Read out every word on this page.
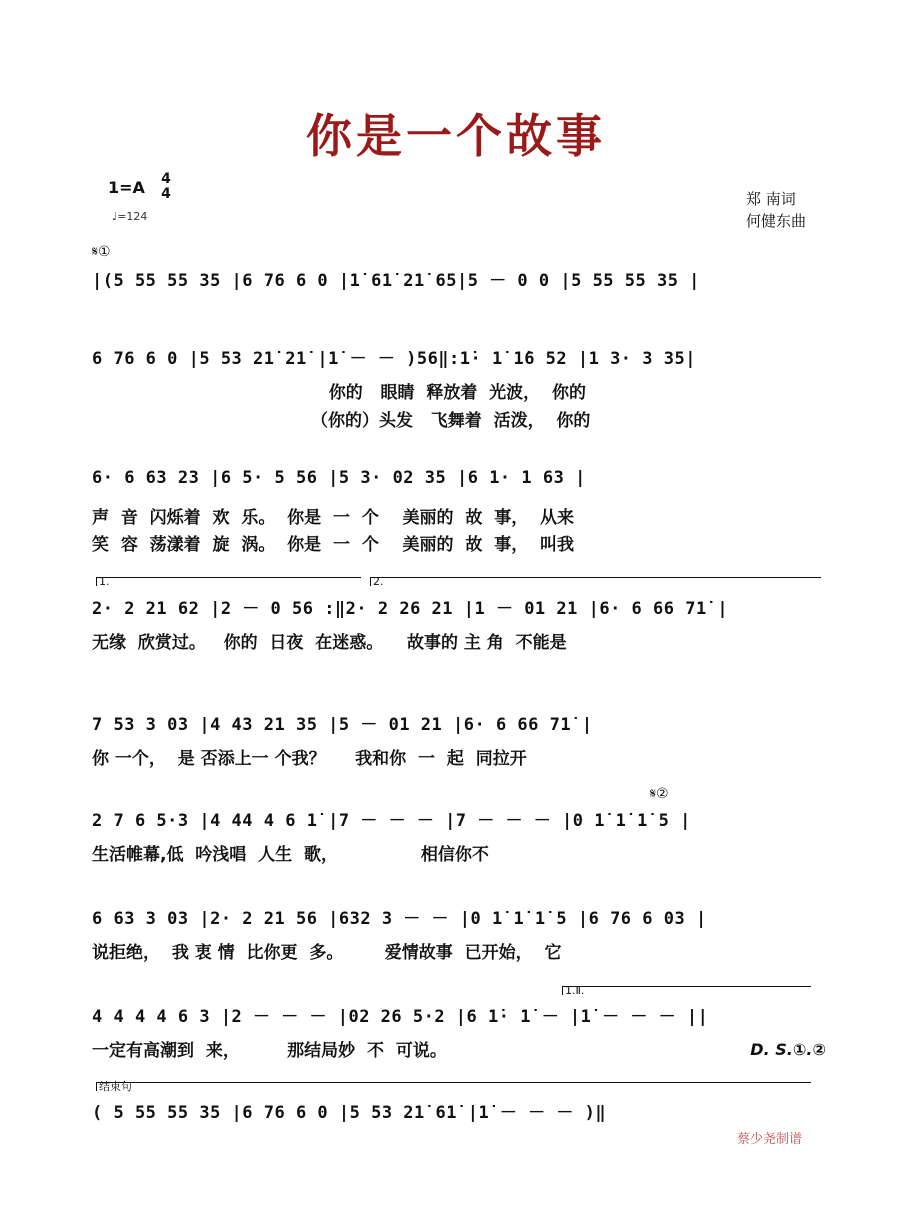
你是一个故事
1=A	4
4
♩=124
郑 南词
何健东曲
𝄋①
|(5 55 55 35 |6 76 6 0 |1̇ 61̇ 21̇ 65|5 － 0 0 |5 55 55 35 |
6 76 6 0 |5 53 21̇ 21̇ |1̇ － － )56‖:1̇· 1̇ 1̇6 52 |1 3· 3 35|
你的   眼睛  释放着  光波，  你的
（你的）头发   飞舞着  活泼，  你的
6· 6 63 23 |6 5· 5 56 |5 3· 02 35 |6 1· 1 63 |
声  音  闪烁着  欢  乐。  你是  一  个    美丽的  故  事，  从来
笑  容  荡漾着  旋  涡。  你是  一  个    美丽的  故  事，  叫我
1.	2.
2· 2 21 62 |2 － 0 56 :‖2· 2 26 21 |1 － 01 21 |6· 6 66 71̇ |
无缘  欣赏过。   你的  日夜  在迷惑。    故事的 主 角  不能是
7 53 3 03 |4 43 21 35 |5 － 01 21 |6· 6 66 71̇ |
你 一个，  是 否添上一 个我？     我和你  一  起  同拉开
𝄋②
2 7 6 5·3 |4 44 4 6 1̇ |7 － － － |7 － － － |0 1̇ 1̇ 1̇ 5 |
生活帷幕,低  吟浅唱  人生  歌，              相信你不
6 63 3 03 |2· 2 21 56 |632 3 － － |0 1̇ 1̇ 1̇ 5 |6 76 6 03 |
说拒绝，  我 衷 情  比你更  多。       爱情故事  已开始，  它
1.Ⅱ.
4 4 4 4 6 3 |2 － － － |02 26 5·2 |6 1̇· 1̇ － |1̇ － － － ||
一定有高潮到  来，        那结局妙  不  可说。	D. S.①.②
结束句
( 5 55 55 35 |6 76 6 0 |5 53 21̇ 61̇ |1̇ － － － )‖
蔡少尧制谱
